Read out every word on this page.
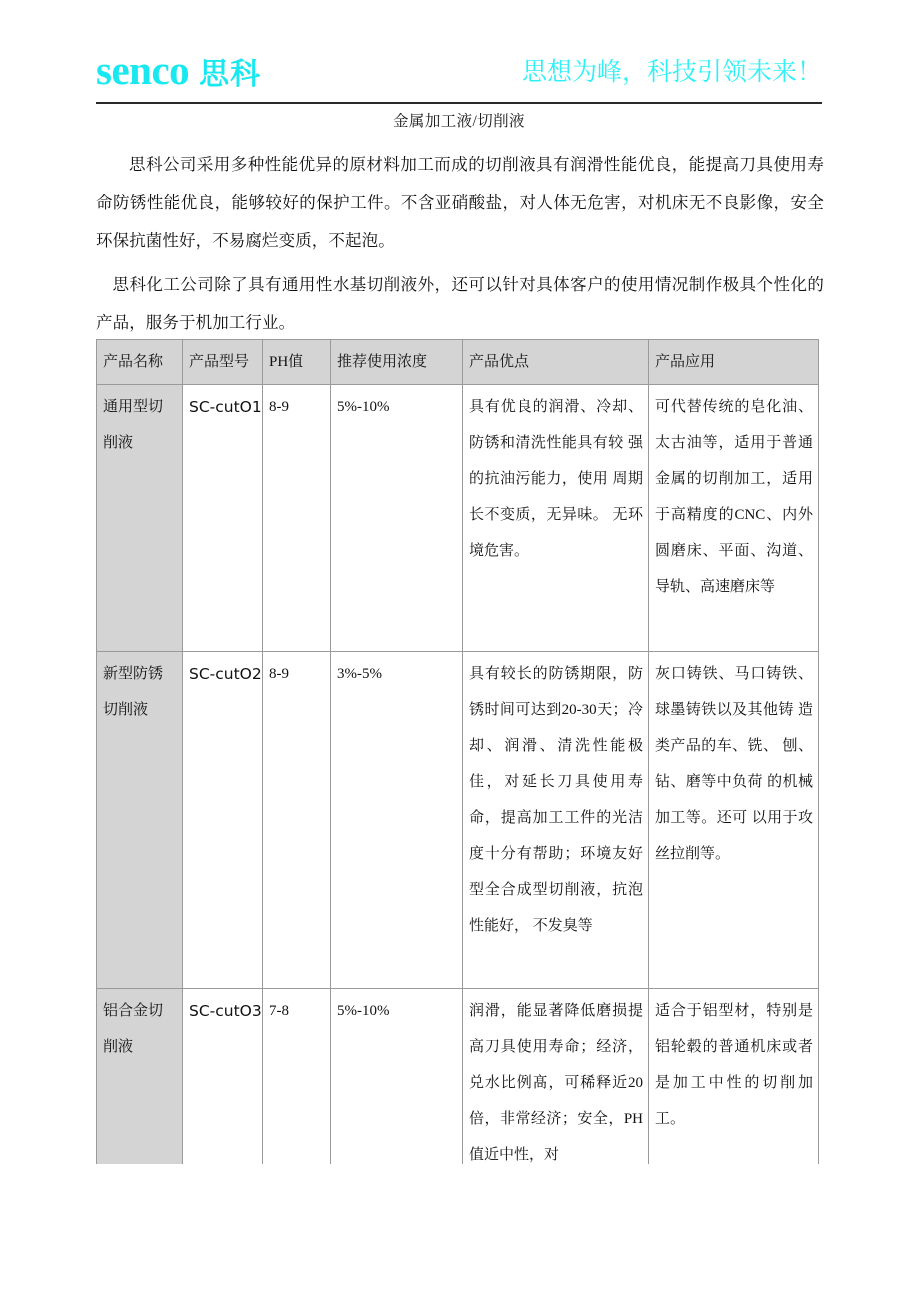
senco 思科	思想为峰，科技引领未来！
金属加工液/切削液
思科公司采用多种性能优异的原材料加工而成的切削液具有润滑性能优良，能提高刀具使用寿命防锈性能优良，能够较好的保护工件。不含亚硝酸盐，对人体无危害，对机床无不良影像，安全环保抗菌性好，不易腐烂变质，不起泡。
思科化工公司除了具有通用性水基切削液外，还可以针对具体客户的使用情况制作极具个性化的产品，服务于机加工行业。
产品名称	产品型号	PH值	推荐使用浓度	产品优点	产品应用
通用型切削液	SC-cutO1	8-9	5%-10%	具有优良的润滑、冷却、 防锈和清洗性能具有较 强的抗油污能力，使用 周期长不变质，无异味。 无环境危害。	可代替传统的皂化油、太古油等，适用于普通金属的切削加工，适用于高精度的CNC、内外圆磨床、平面、沟道、导轨、高速磨床等
新型防锈切削液	SC-cutO2	8-9	3%-5%	具有较长的防锈期限，防锈时间可达到20-30天；冷却、润滑、清洗性能极佳，对延长刀具使用寿命，提高加工工件的光洁度十分有帮助；环境友好型全合成型切削液，抗泡性能好， 不发臭等	灰口铸铁、马口铸铁、 球墨铸铁以及其他铸 造类产品的车、铣、 刨、钻、磨等中负荷 的机械加工等。还可 以用于攻丝拉削等。
铝合金切削液	SC-cutO3	7-8	5%-10%	润滑，能显著降低磨损提高刀具使用寿命；经济，兑水比例髙，可稀释近20倍，非常经济；安全，PH值近中性，对	适合于铝型材，特别是铝轮毂的普通机床或者是加工中性的切削加工。
